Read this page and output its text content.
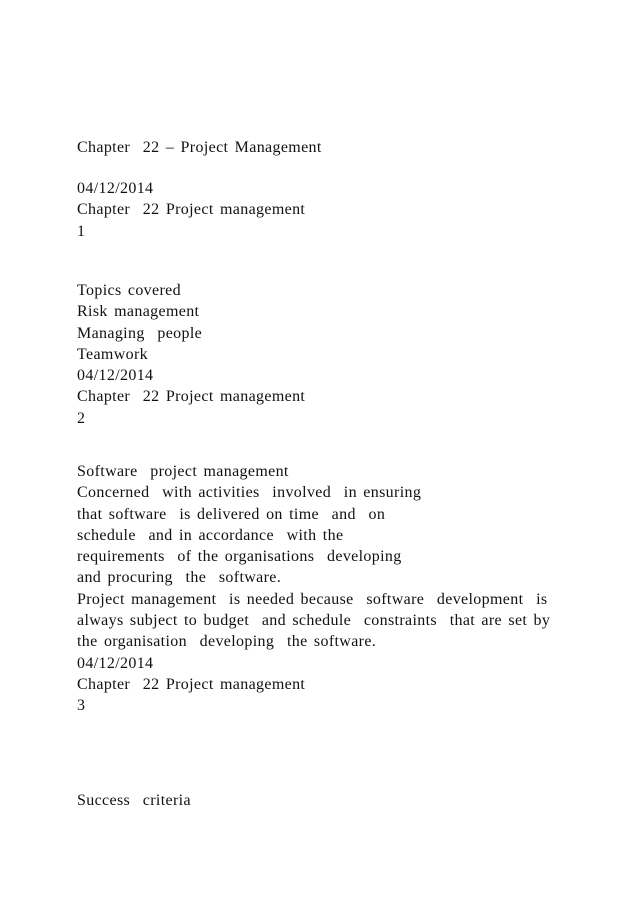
Chapter  22 – Project Management
04/12/2014
Chapter  22 Project management
1
Topics covered
Risk management
Managing  people
Teamwork
04/12/2014
Chapter  22 Project management
2
Software  project management
Concerned  with activities  involved  in ensuring
that software  is delivered on time  and  on
schedule  and in accordance  with the
requirements  of the organisations  developing
and procuring  the  software.
Project management  is needed because  software  development  is
always subject to budget  and schedule  constraints  that are set by
the organisation  developing  the software.
04/12/2014
Chapter  22 Project management
3
Success  criteria
